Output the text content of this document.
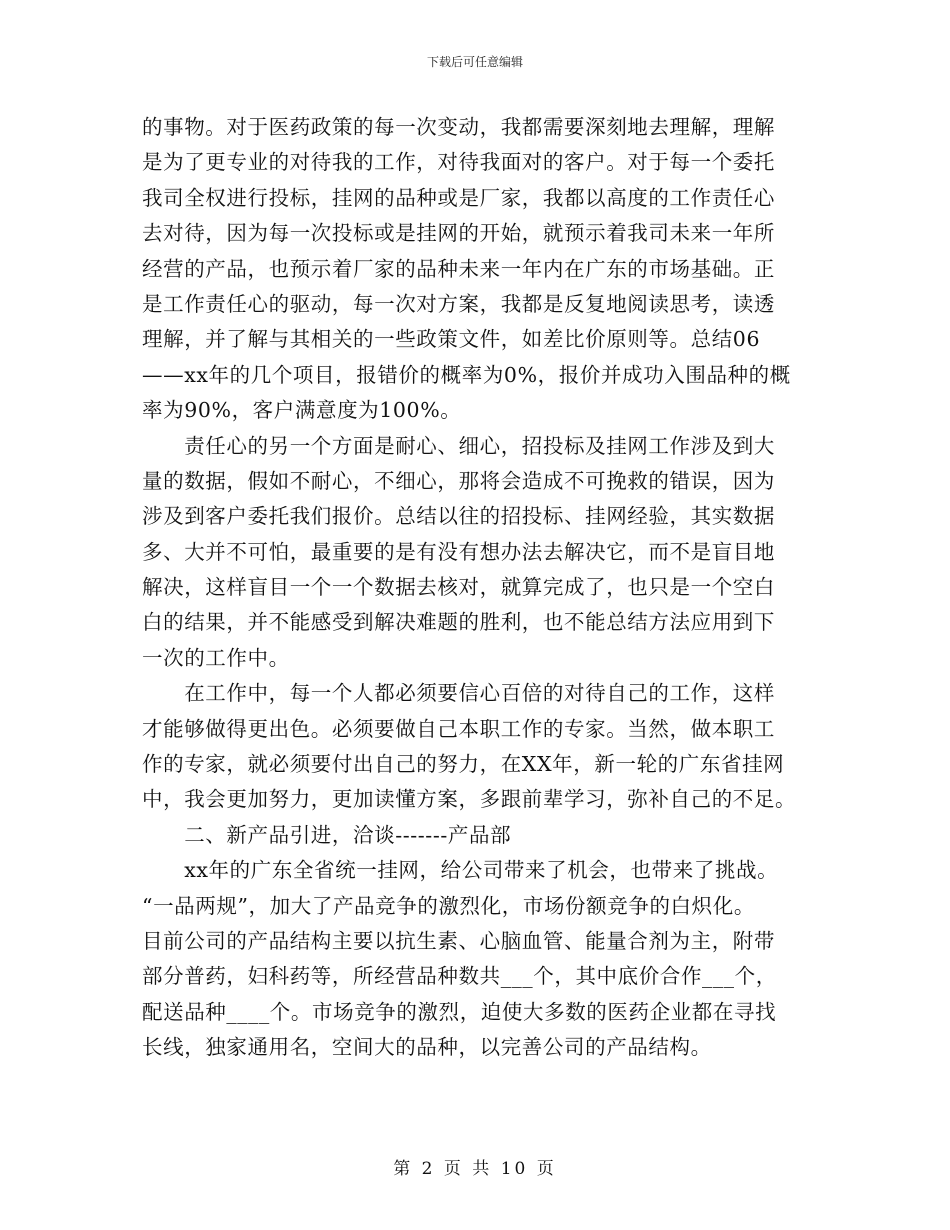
下载后可任意编辑
的事物。对于医药政策的每一次变动，我都需要深刻地去理解，理解
是为了更专业的对待我的工作，对待我面对的客户。对于每一个委托
我司全权进行投标，挂网的品种或是厂家，我都以高度的工作责任心
去对待，因为每一次投标或是挂网的开始，就预示着我司未来一年所
经营的产品，也预示着厂家的品种未来一年内在广东的市场基础。正
是工作责任心的驱动，每一次对方案，我都是反复地阅读思考，读透
理解，并了解与其相关的一些政策文件，如差比价原则等。总结06
——xx年的几个项目，报错价的概率为0%，报价并成功入围品种的概
率为90%，客户满意度为100%。
　　责任心的另一个方面是耐心、细心，招投标及挂网工作涉及到大
量的数据，假如不耐心，不细心，那将会造成不可挽救的错误，因为
涉及到客户委托我们报价。总结以往的招投标、挂网经验，其实数据
多、大并不可怕，最重要的是有没有想办法去解决它，而不是盲目地
解决，这样盲目一个一个数据去核对，就算完成了，也只是一个空白
白的结果，并不能感受到解决难题的胜利，也不能总结方法应用到下
一次的工作中。
　　在工作中，每一个人都必须要信心百倍的对待自己的工作，这样
才能够做得更出色。必须要做自己本职工作的专家。当然，做本职工
作的专家，就必须要付出自己的努力，在XX年，新一轮的广东省挂网
中，我会更加努力，更加读懂方案，多跟前辈学习，弥补自己的不足。
　　二、新产品引进，洽谈-------产品部
　　xx年的广东全省统一挂网，给公司带来了机会，也带来了挑战。
“一品两规”，加大了产品竞争的激烈化，市场份额竞争的白炽化。
目前公司的产品结构主要以抗生素、心脑血管、能量合剂为主，附带
部分普药，妇科药等，所经营品种数共___个，其中底价合作___个，
配送品种____个。市场竞争的激烈，迫使大多数的医药企业都在寻找
长线，独家通用名，空间大的品种，以完善公司的产品结构。
第 2 页 共 10 页
